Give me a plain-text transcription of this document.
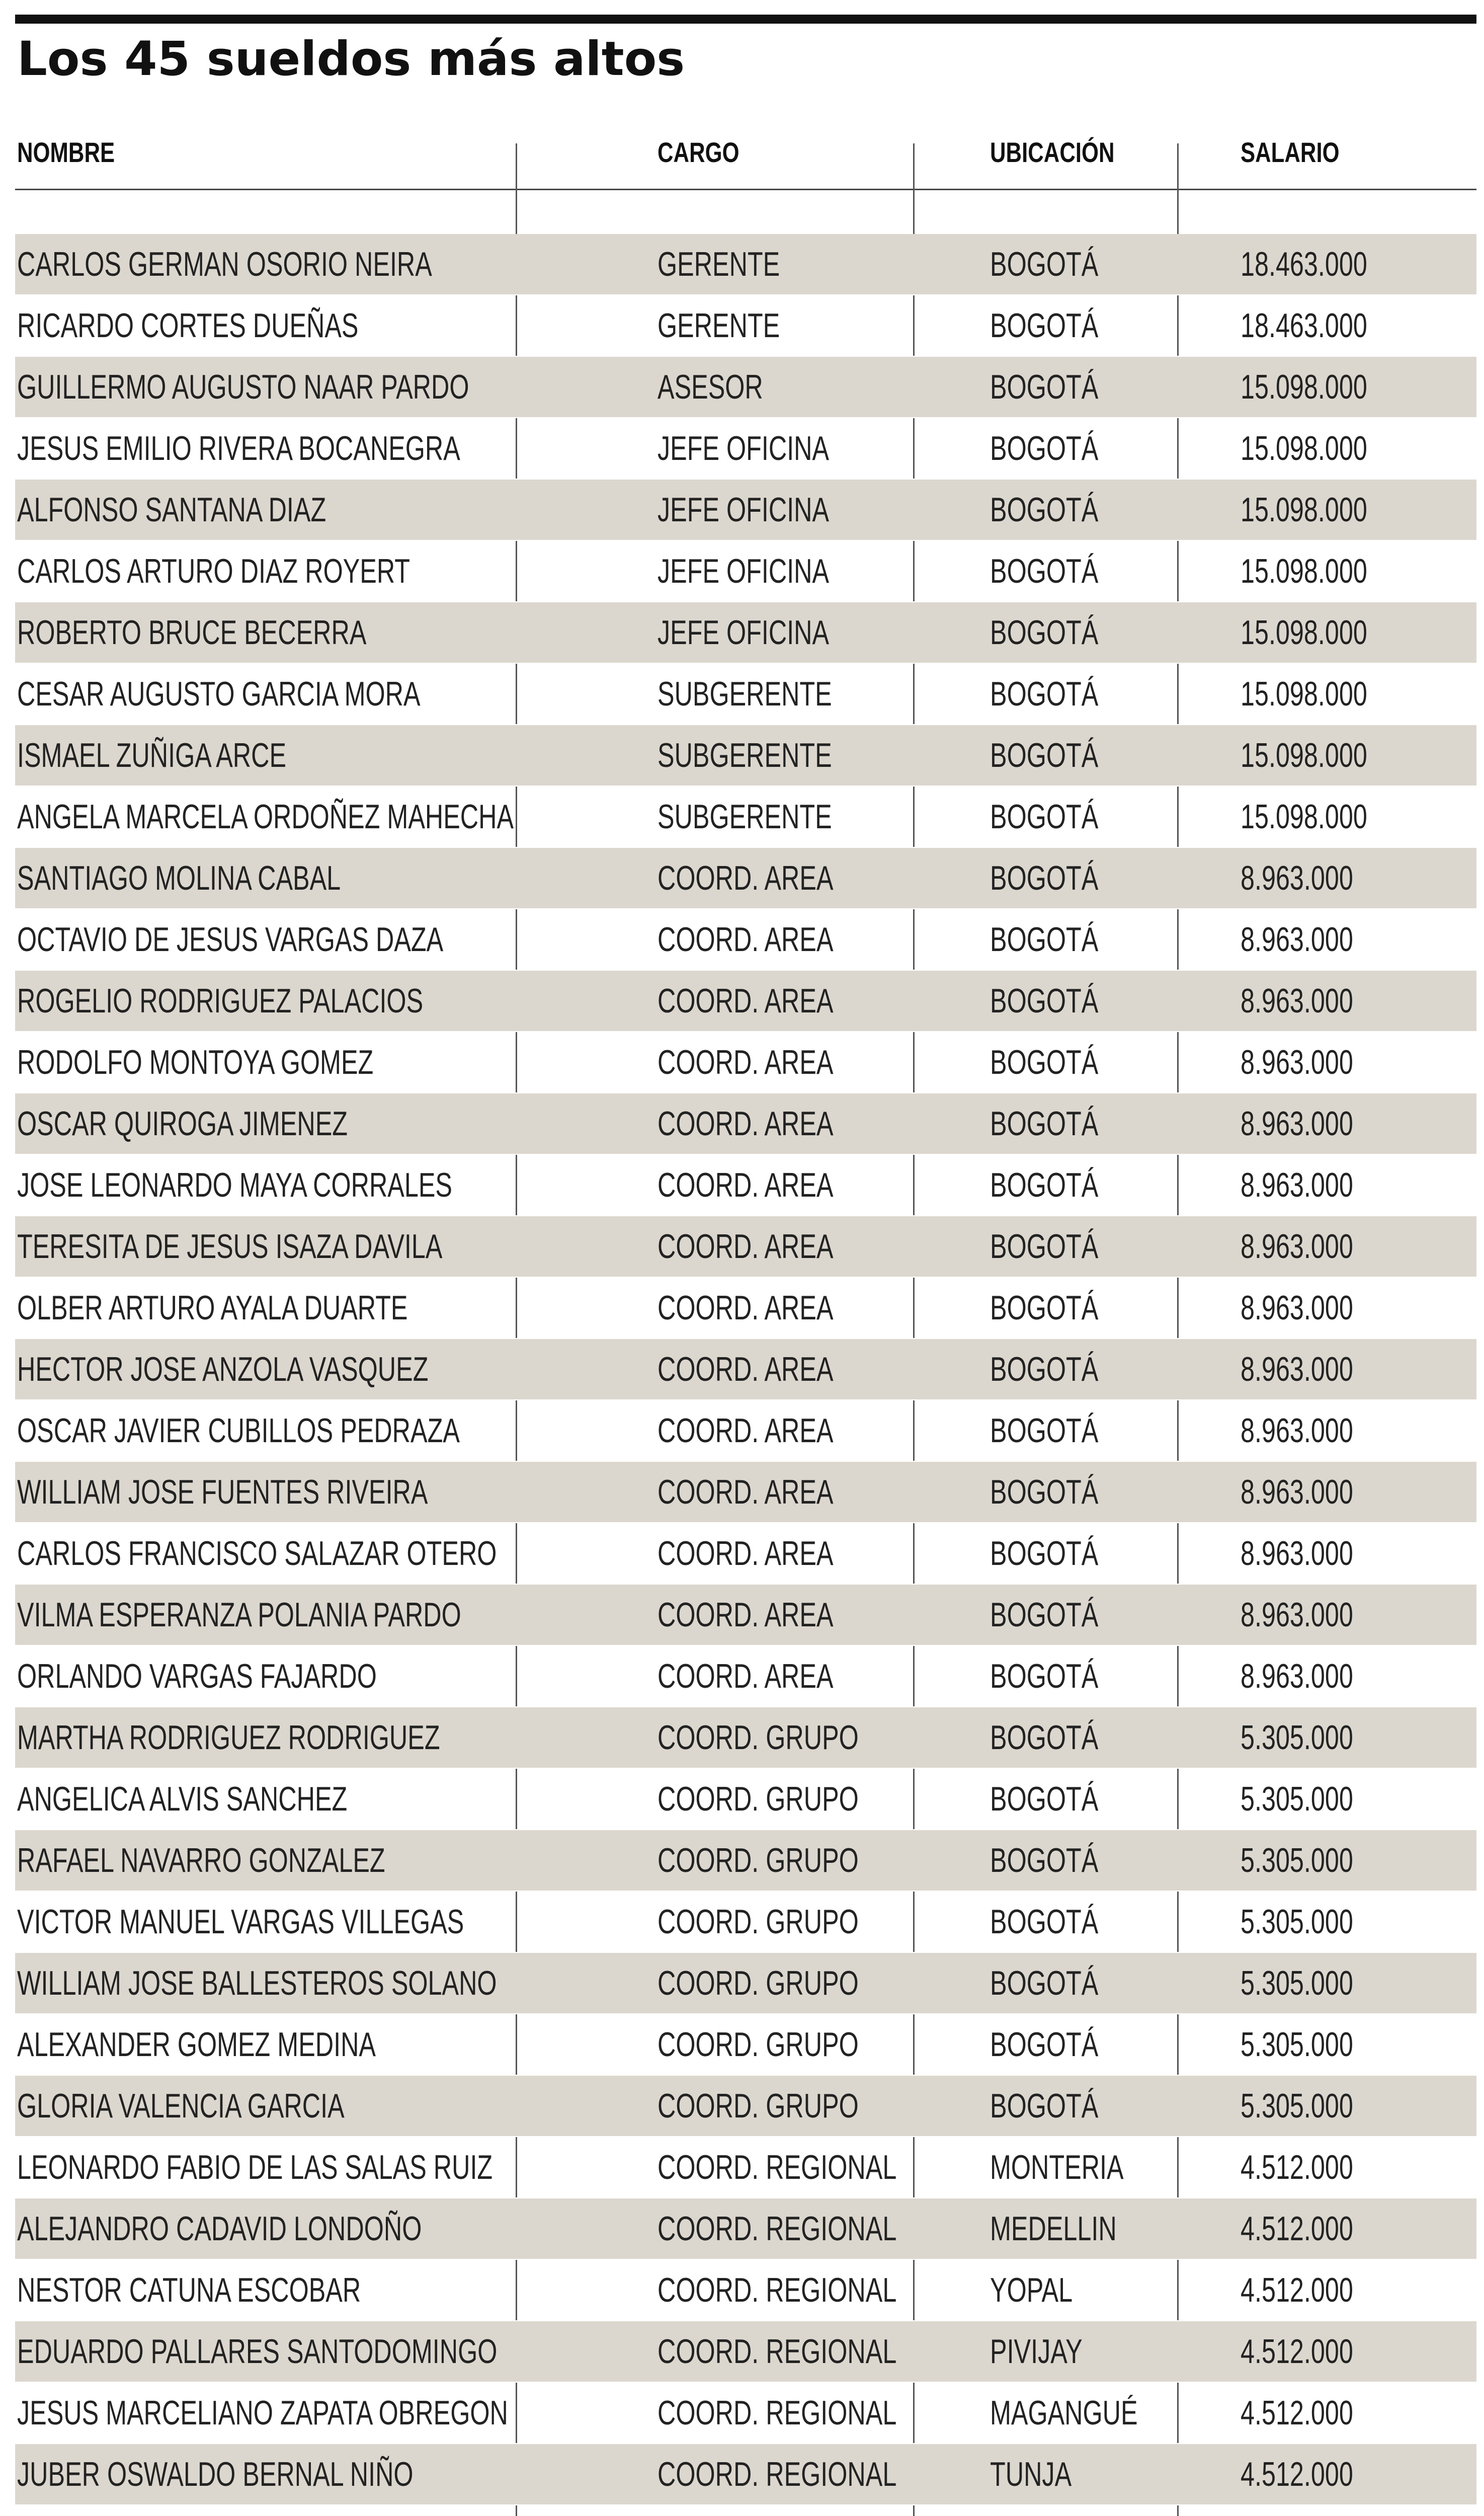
Los 45 sueldos más altos
NOMBRE	CARGO	UBICACIÓN	SALARIO
CARLOS GERMAN OSORIO NEIRA	GERENTE	BOGOTÁ	18.463.000
RICARDO CORTES DUEÑAS	GERENTE	BOGOTÁ	18.463.000
GUILLERMO AUGUSTO NAAR PARDO	ASESOR	BOGOTÁ	15.098.000
JESUS EMILIO RIVERA BOCANEGRA	JEFE OFICINA	BOGOTÁ	15.098.000
ALFONSO SANTANA DIAZ	JEFE OFICINA	BOGOTÁ	15.098.000
CARLOS ARTURO DIAZ ROYERT	JEFE OFICINA	BOGOTÁ	15.098.000
ROBERTO BRUCE BECERRA	JEFE OFICINA	BOGOTÁ	15.098.000
CESAR AUGUSTO GARCIA MORA	SUBGERENTE	BOGOTÁ	15.098.000
ISMAEL ZUÑIGA ARCE	SUBGERENTE	BOGOTÁ	15.098.000
ANGELA MARCELA ORDOÑEZ MAHECHA	SUBGERENTE	BOGOTÁ	15.098.000
SANTIAGO MOLINA CABAL	COORD. AREA	BOGOTÁ	8.963.000
OCTAVIO DE JESUS VARGAS DAZA	COORD. AREA	BOGOTÁ	8.963.000
ROGELIO RODRIGUEZ PALACIOS	COORD. AREA	BOGOTÁ	8.963.000
RODOLFO MONTOYA GOMEZ	COORD. AREA	BOGOTÁ	8.963.000
OSCAR QUIROGA JIMENEZ	COORD. AREA	BOGOTÁ	8.963.000
JOSE LEONARDO MAYA CORRALES	COORD. AREA	BOGOTÁ	8.963.000
TERESITA DE JESUS ISAZA DAVILA	COORD. AREA	BOGOTÁ	8.963.000
OLBER ARTURO AYALA DUARTE	COORD. AREA	BOGOTÁ	8.963.000
HECTOR JOSE ANZOLA VASQUEZ	COORD. AREA	BOGOTÁ	8.963.000
OSCAR JAVIER CUBILLOS PEDRAZA	COORD. AREA	BOGOTÁ	8.963.000
WILLIAM JOSE FUENTES RIVEIRA	COORD. AREA	BOGOTÁ	8.963.000
CARLOS FRANCISCO SALAZAR OTERO	COORD. AREA	BOGOTÁ	8.963.000
VILMA ESPERANZA POLANIA PARDO	COORD. AREA	BOGOTÁ	8.963.000
ORLANDO VARGAS FAJARDO	COORD. AREA	BOGOTÁ	8.963.000
MARTHA RODRIGUEZ RODRIGUEZ	COORD. GRUPO	BOGOTÁ	5.305.000
ANGELICA ALVIS SANCHEZ	COORD. GRUPO	BOGOTÁ	5.305.000
RAFAEL NAVARRO GONZALEZ	COORD. GRUPO	BOGOTÁ	5.305.000
VICTOR MANUEL VARGAS VILLEGAS	COORD. GRUPO	BOGOTÁ	5.305.000
WILLIAM JOSE BALLESTEROS SOLANO	COORD. GRUPO	BOGOTÁ	5.305.000
ALEXANDER GOMEZ MEDINA	COORD. GRUPO	BOGOTÁ	5.305.000
GLORIA VALENCIA GARCIA	COORD. GRUPO	BOGOTÁ	5.305.000
LEONARDO FABIO DE LAS SALAS RUIZ	COORD. REGIONAL	MONTERIA	4.512.000
ALEJANDRO CADAVID LONDOÑO	COORD. REGIONAL	MEDELLIN	4.512.000
NESTOR CATUNA ESCOBAR	COORD. REGIONAL	YOPAL	4.512.000
EDUARDO PALLARES SANTODOMINGO	COORD. REGIONAL	PIVIJAY	4.512.000
JESUS MARCELIANO ZAPATA OBREGON	COORD. REGIONAL	MAGANGUÉ	4.512.000
JUBER OSWALDO BERNAL NIÑO	COORD. REGIONAL	TUNJA	4.512.000
